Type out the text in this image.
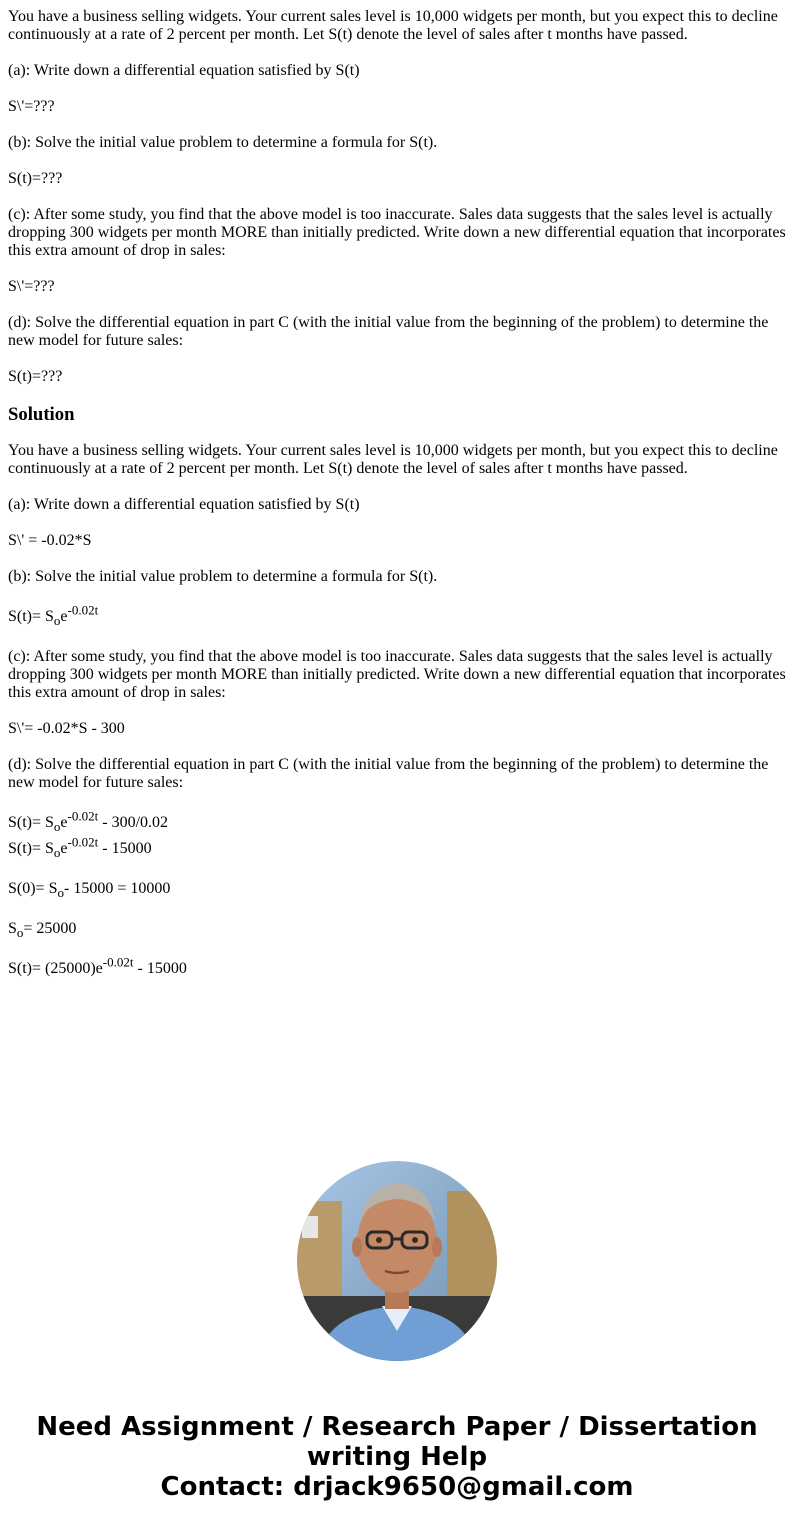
You have a business selling widgets. Your current sales level is 10,000 widgets per month, but you expect this to decline continuously at a rate of 2 percent per month. Let S(t) denote the level of sales after t months have passed.

(a): Write down a differential equation satisfied by S(t)

S\'=???

(b): Solve the initial value problem to determine a formula for S(t).

S(t)=???

(c): After some study, you find that the above model is too inaccurate. Sales data suggests that the sales level is actually dropping 300 widgets per month MORE than initially predicted. Write down a new differential equation that incorporates this extra amount of drop in sales:

S\'=???

(d): Solve the differential equation in part C (with the initial value from the beginning of the problem) to determine the new model for future sales:

S(t)=???

Solution

You have a business selling widgets. Your current sales level is 10,000 widgets per month, but you expect this to decline continuously at a rate of 2 percent per month. Let S(t) denote the level of sales after t months have passed.

(a): Write down a differential equation satisfied by S(t)

S\' = -0.02*S

(b): Solve the initial value problem to determine a formula for S(t).

$S(t)= S_oe^{-0.02t}$

(c): After some study, you find that the above model is too inaccurate. Sales data suggests that the sales level is actually dropping 300 widgets per month MORE than initially predicted. Write down a new differential equation that incorporates this extra amount of drop in sales:

S\'= -0.02*S - 300

(d): Solve the differential equation in part C (with the initial value from the beginning of the problem) to determine the new model for future sales:

$S(t)= S_oe^{-0.02t} - 300/0.02$

$S(t)= S_oe^{-0.02t} - 15000$

$S(0)= S_o-$ 15000 = 10000

$S_o= 25000$

$S(t)= (25000)e^{-0.02t} - 15000$

Need Assignment / Research Paper / Dissertation
writing Help
Contact: drjack9650@gmail.com
